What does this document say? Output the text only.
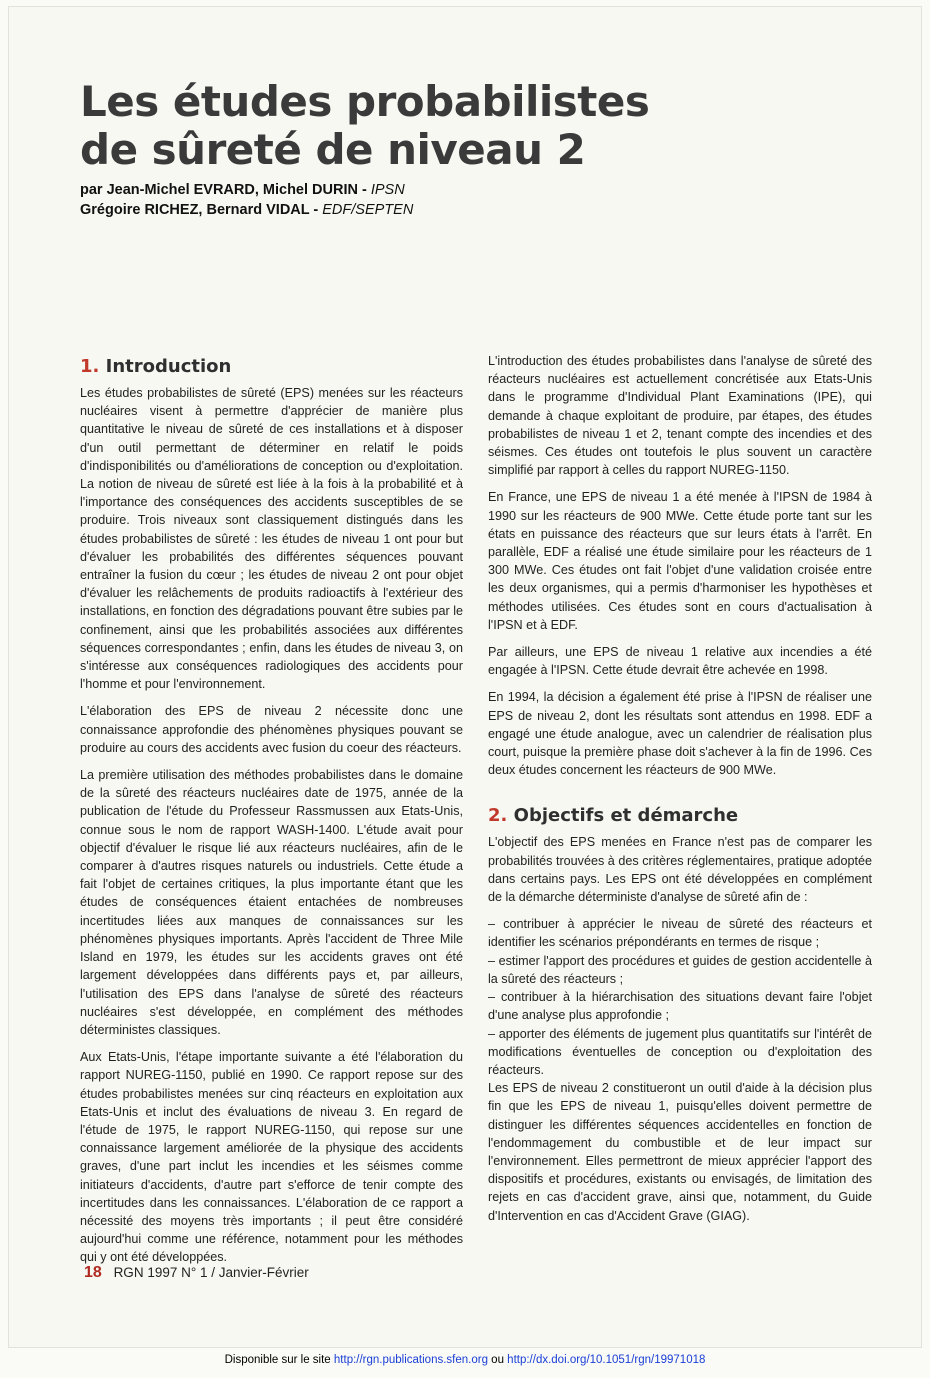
Les études probabilistes
de sûreté de niveau 2
par Jean-Michel EVRARD, Michel DURIN - IPSN
Grégoire RICHEZ, Bernard VIDAL - EDF/SEPTEN
1. Introduction

Les études probabilistes de sûreté (EPS) menées sur les réacteurs nucléaires visent à permettre d'apprécier de manière plus quantitative le niveau de sûreté de ces installations et à disposer d'un outil permettant de déterminer en relatif le poids d'indisponibilités ou d'améliorations de conception ou d'exploitation. La notion de niveau de sûreté est liée à la fois à la probabilité et à l'importance des conséquences des accidents susceptibles de se produire. Trois niveaux sont classiquement distingués dans les études probabilistes de sûreté : les études de niveau 1 ont pour but d'évaluer les probabilités des différentes séquences pouvant entraîner la fusion du cœur ; les études de niveau 2 ont pour objet d'évaluer les relâchements de produits radioactifs à l'extérieur des installations, en fonction des dégradations pouvant être subies par le confinement, ainsi que les probabilités associées aux différentes séquences correspondantes ; enfin, dans les études de niveau 3, on s'intéresse aux conséquences radiologiques des accidents pour l'homme et pour l'environnement.

L'élaboration des EPS de niveau 2 nécessite donc une connaissance approfondie des phénomènes physiques pouvant se produire au cours des accidents avec fusion du coeur des réacteurs.

La première utilisation des méthodes probabilistes dans le domaine de la sûreté des réacteurs nucléaires date de 1975, année de la publication de l'étude du Professeur Rassmussen aux Etats-Unis, connue sous le nom de rapport WASH-1400. L'étude avait pour objectif d'évaluer le risque lié aux réacteurs nucléaires, afin de le comparer à d'autres risques naturels ou industriels. Cette étude a fait l'objet de certaines critiques, la plus importante étant que les études de conséquences étaient entachées de nombreuses incertitudes liées aux manques de connaissances sur les phénomènes physiques importants. Après l'accident de Three Mile Island en 1979, les études sur les accidents graves ont été largement développées dans différents pays et, par ailleurs, l'utilisation des EPS dans l'analyse de sûreté des réacteurs nucléaires s'est développée, en complément des méthodes déterministes classiques.

Aux Etats-Unis, l'étape importante suivante a été l'élaboration du rapport NUREG-1150, publié en 1990. Ce rapport repose sur des études probabilistes menées sur cinq réacteurs en exploitation aux Etats-Unis et inclut des évaluations de niveau 3. En regard de l'étude de 1975, le rapport NUREG-1150, qui repose sur une connaissance largement améliorée de la physique des accidents graves, d'une part inclut les incendies et les séismes comme initiateurs d'accidents, d'autre part s'efforce de tenir compte des incertitudes dans les connaissances. L'élaboration de ce rapport a nécessité des moyens très importants ; il peut être considéré aujourd'hui comme une référence, notamment pour les méthodes qui y ont été développées.

L'introduction des études probabilistes dans l'analyse de sûreté des réacteurs nucléaires est actuellement concrétisée aux Etats-Unis dans le programme d'Individual Plant Examinations (IPE), qui demande à chaque exploitant de produire, par étapes, des études probabilistes de niveau 1 et 2, tenant compte des incendies et des séismes. Ces études ont toutefois le plus souvent un caractère simplifié par rapport à celles du rapport NUREG-1150.

En France, une EPS de niveau 1 a été menée à l'IPSN de 1984 à 1990 sur les réacteurs de 900 MWe. Cette étude porte tant sur les états en puissance des réacteurs que sur leurs états à l'arrêt. En parallèle, EDF a réalisé une étude similaire pour les réacteurs de 1 300 MWe. Ces études ont fait l'objet d'une validation croisée entre les deux organismes, qui a permis d'harmoniser les hypothèses et méthodes utilisées. Ces études sont en cours d'actualisation à l'IPSN et à EDF.

Par ailleurs, une EPS de niveau 1 relative aux incendies a été engagée à l'IPSN. Cette étude devrait être achevée en 1998.

En 1994, la décision a également été prise à l'IPSN de réaliser une EPS de niveau 2, dont les résultats sont attendus en 1998. EDF a engagé une étude analogue, avec un calendrier de réalisation plus court, puisque la première phase doit s'achever à la fin de 1996. Ces deux études concernent les réacteurs de 900 MWe.

2. Objectifs et démarche

L'objectif des EPS menées en France n'est pas de comparer les probabilités trouvées à des critères réglementaires, pratique adoptée dans certains pays. Les EPS ont été développées en complément de la démarche déterministe d'analyse de sûreté afin de :

– contribuer à apprécier le niveau de sûreté des réacteurs et identifier les scénarios prépondérants en termes de risque ;

– estimer l'apport des procédures et guides de gestion accidentelle à la sûreté des réacteurs ;

– contribuer à la hiérarchisation des situations devant faire l'objet d'une analyse plus approfondie ;

– apporter des éléments de jugement plus quantitatifs sur l'intérêt de modifications éventuelles de conception ou d'exploitation des réacteurs.

Les EPS de niveau 2 constitueront un outil d'aide à la décision plus fin que les EPS de niveau 1, puisqu'elles doivent permettre de distinguer les différentes séquences accidentelles en fonction de l'endommagement du combustible et de leur impact sur l'environnement. Elles permettront de mieux apprécier l'apport des dispositifs et procédures, existants ou envisagés, de limitation des rejets en cas d'accident grave, ainsi que, notamment, du Guide d'Intervention en cas d'Accident Grave (GIAG).

18 RGN 1997 N° 1 / Janvier-Février
Disponible sur le site http://rgn.publications.sfen.org ou http://dx.doi.org/10.1051/rgn/19971018
